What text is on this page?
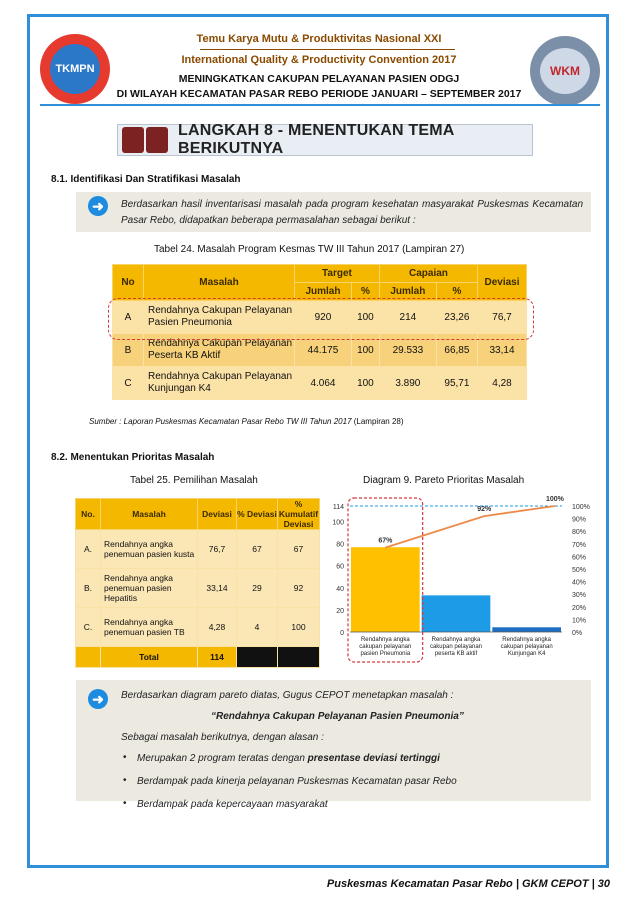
TKMPN	WKM
Temu Karya Mutu & Produktivitas Nasional XXI
International Quality & Productivity Convention 2017
MENINGKATKAN CAKUPAN PELAYANAN PASIEN ODGJ
DI WILAYAH KECAMATAN PASAR REBO PERIODE JANUARI – SEPTEMBER 2017
LANGKAH 8 - MENENTUKAN TEMA BERIKUTNYA
8.1. Identifikasi Dan Stratifikasi Masalah
➜	Berdasarkan hasil inventarisasi masalah pada program kesehatan masyarakat Puskesmas Kecamatan Pasar Rebo, didapatkan beberapa permasalahan sebagai berikut :
Tabel 24. Masalah Program Kesmas TW III Tahun 2017 (Lampiran 27)
No	Masalah	Target		Capaian		Deviasi
		Jumlah	%	Jumlah	%	
A	Rendahnya Cakupan Pelayanan Pasien Pneumonia	920	100	214	23,26	76,7
B	Rendahnya Cakupan Pelayanan Peserta KB Aktif	44.175	100	29.533	66,85	33,14
C	Rendahnya Cakupan Pelayanan Kunjungan K4	4.064	100	3.890	95,71	4,28
Sumber : Laporan Puskesmas Kecamatan Pasar Rebo TW III Tahun 2017 (Lampiran 28)
8.2. Menentukan Prioritas Masalah
Tabel 25. Pemilihan Masalah	Diagram 9. Pareto Prioritas Masalah
No.	Masalah	Deviasi	% Deviasi	% Kumulatif Deviasi
A.	Rendahnya angka penemuan pasien kusta	76,7	67	67
B.	Rendahnya angka penemuan pasien Hepatitis	33,14	29	92
C.	Rendahnya angka penemuan pasien TB	4,28	4	100
	Total	114		
0
20
40
60
80
100
114
0%
10%
20%
30%
40%
50%
60%
70%
80%
90%
100%
Rendahnya angka
cakupan pelayanan
pasien Pneumonia
Rendahnya angka
cakupan pelayanan
peserta KB aktif
Rendahnya angka
cakupan pelayanan
Kunjungan K4
67%
92%
100%
➜	Berdasarkan diagram pareto diatas, Gugus CEPOT menetapkan masalah :
“Rendahnya Cakupan Pelayanan Pasien Pneumonia”
Sebagai masalah berikutnya, dengan alasan :
• Merupakan 2 program teratas dengan presentase deviasi tertinggi
• Berdampak pada kinerja pelayanan Puskesmas Kecamatan pasar Rebo
• Berdampak pada kepercayaan masyarakat
Puskesmas Kecamatan Pasar Rebo | GKM CEPOT | 30
